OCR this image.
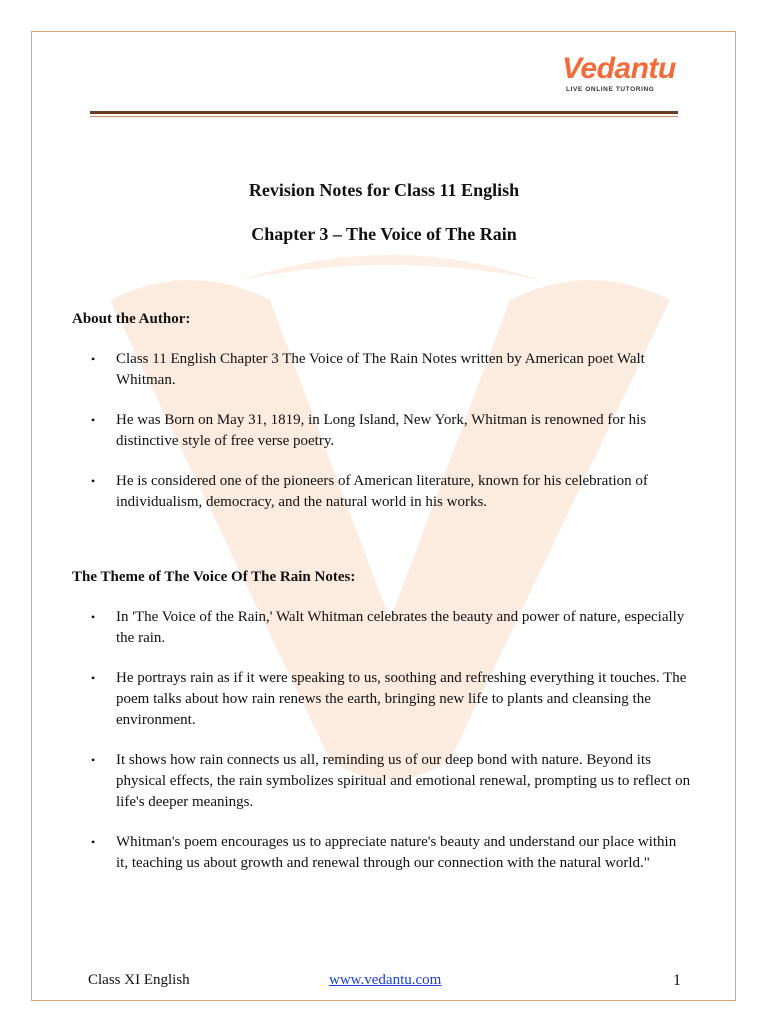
Vedantu
LIVE ONLINE TUTORING
Revision Notes for Class 11 English
Chapter 3 – The Voice of The Rain
About the Author:
• Class 11 English Chapter 3 The Voice of The Rain Notes written by American poet Walt Whitman.
• He was Born on May 31, 1819, in Long Island, New York, Whitman is renowned for his distinctive style of free verse poetry.
• He is considered one of the pioneers of American literature, known for his celebration of individualism, democracy, and the natural world in his works.
The Theme of The Voice Of The Rain Notes:
• In 'The Voice of the Rain,' Walt Whitman celebrates the beauty and power of nature, especially the rain.
• He portrays rain as if it were speaking to us, soothing and refreshing everything it touches. The poem talks about how rain renews the earth, bringing new life to plants and cleansing the environment.
• It shows how rain connects us all, reminding us of our deep bond with nature. Beyond its physical effects, the rain symbolizes spiritual and emotional renewal, prompting us to reflect on life's deeper meanings.
• Whitman's poem encourages us to appreciate nature's beauty and understand our place within it, teaching us about growth and renewal through our connection with the natural world."
Class XI English	www.vedantu.com	1
